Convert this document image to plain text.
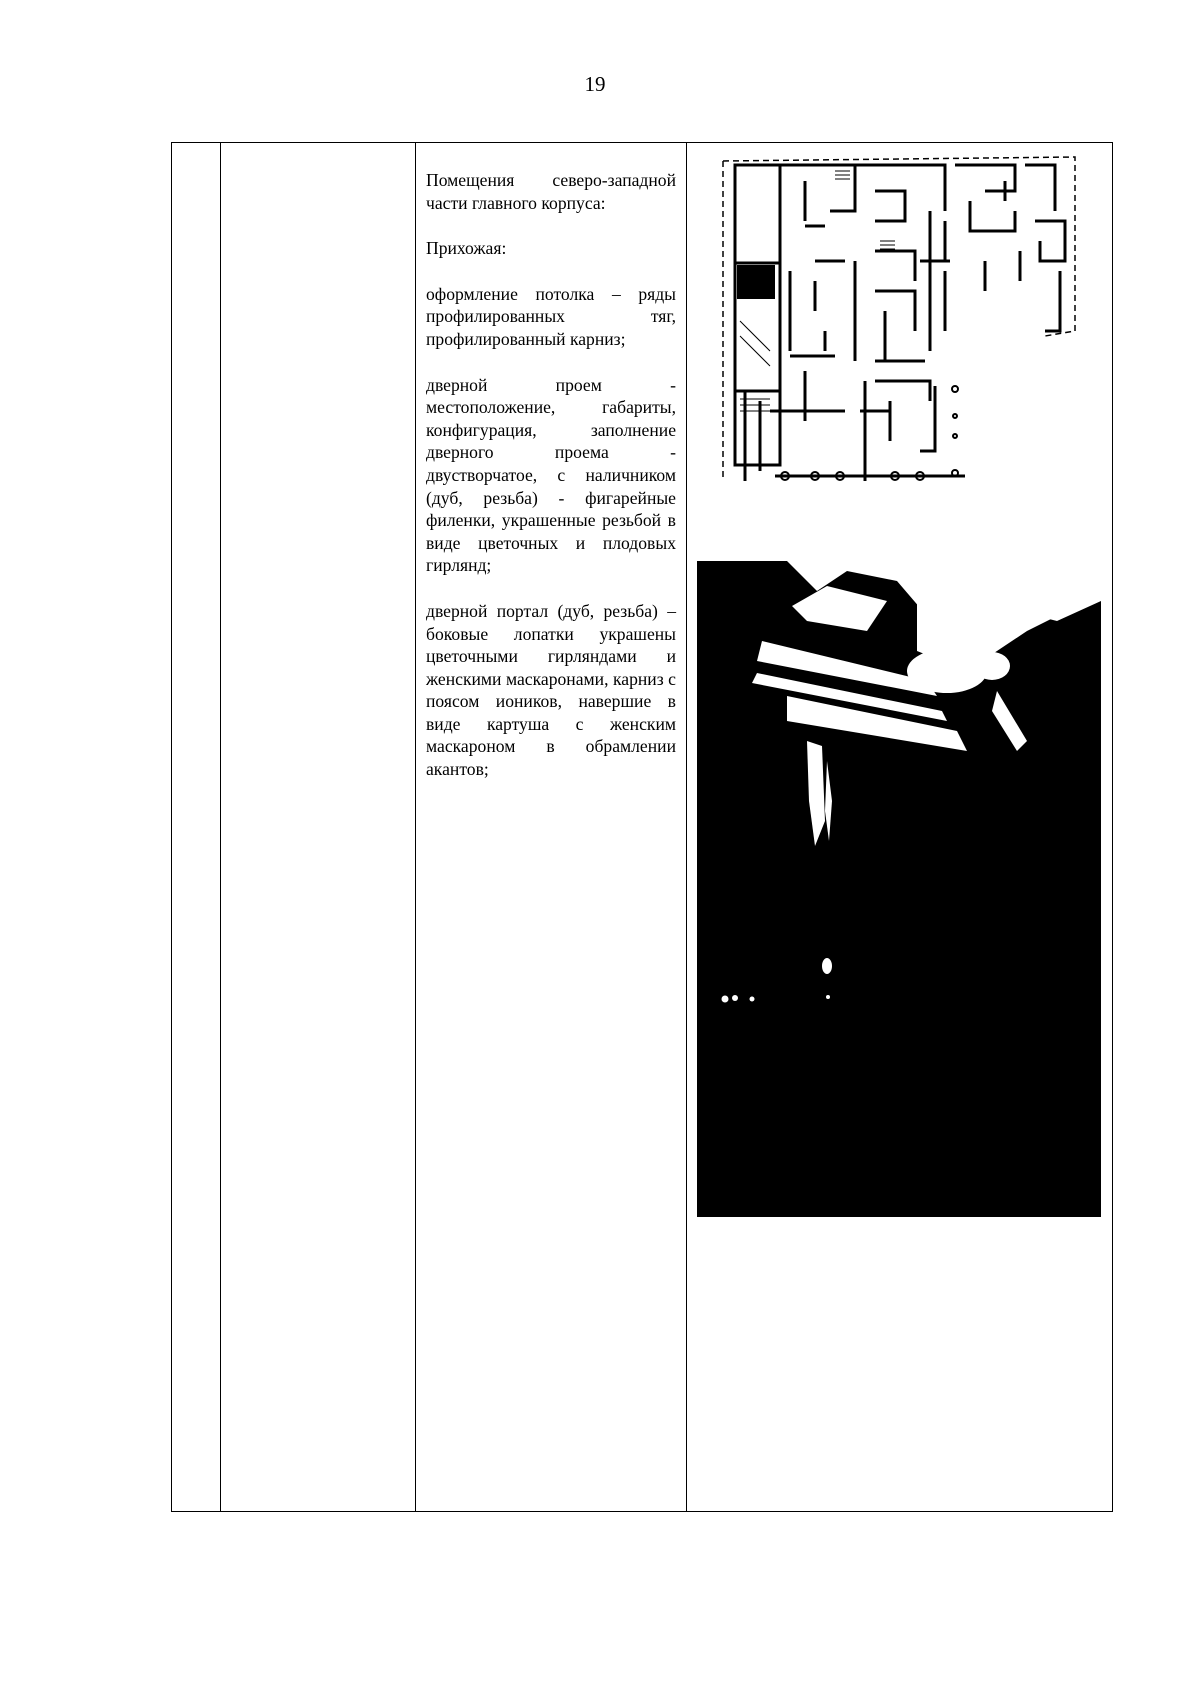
19

Помещения северо-западной части главного корпуса:

Прихожая:

оформление потолка – ряды профилированных тяг, профилированный карниз;

дверной проем - местоположение, габариты, конфигурация, заполнение дверного проема - двустворчатое, с наличником (дуб, резьба) - фигарейные филенки, украшенные резьбой в виде цветочных и плодовых гирлянд;

дверной портал (дуб, резьба) – боковые лопатки украшены цветочными гирляндами и женскими маскаронами, карниз с поясом иоников, навершие в виде картуша с женским маскароном в обрамлении акантов;
